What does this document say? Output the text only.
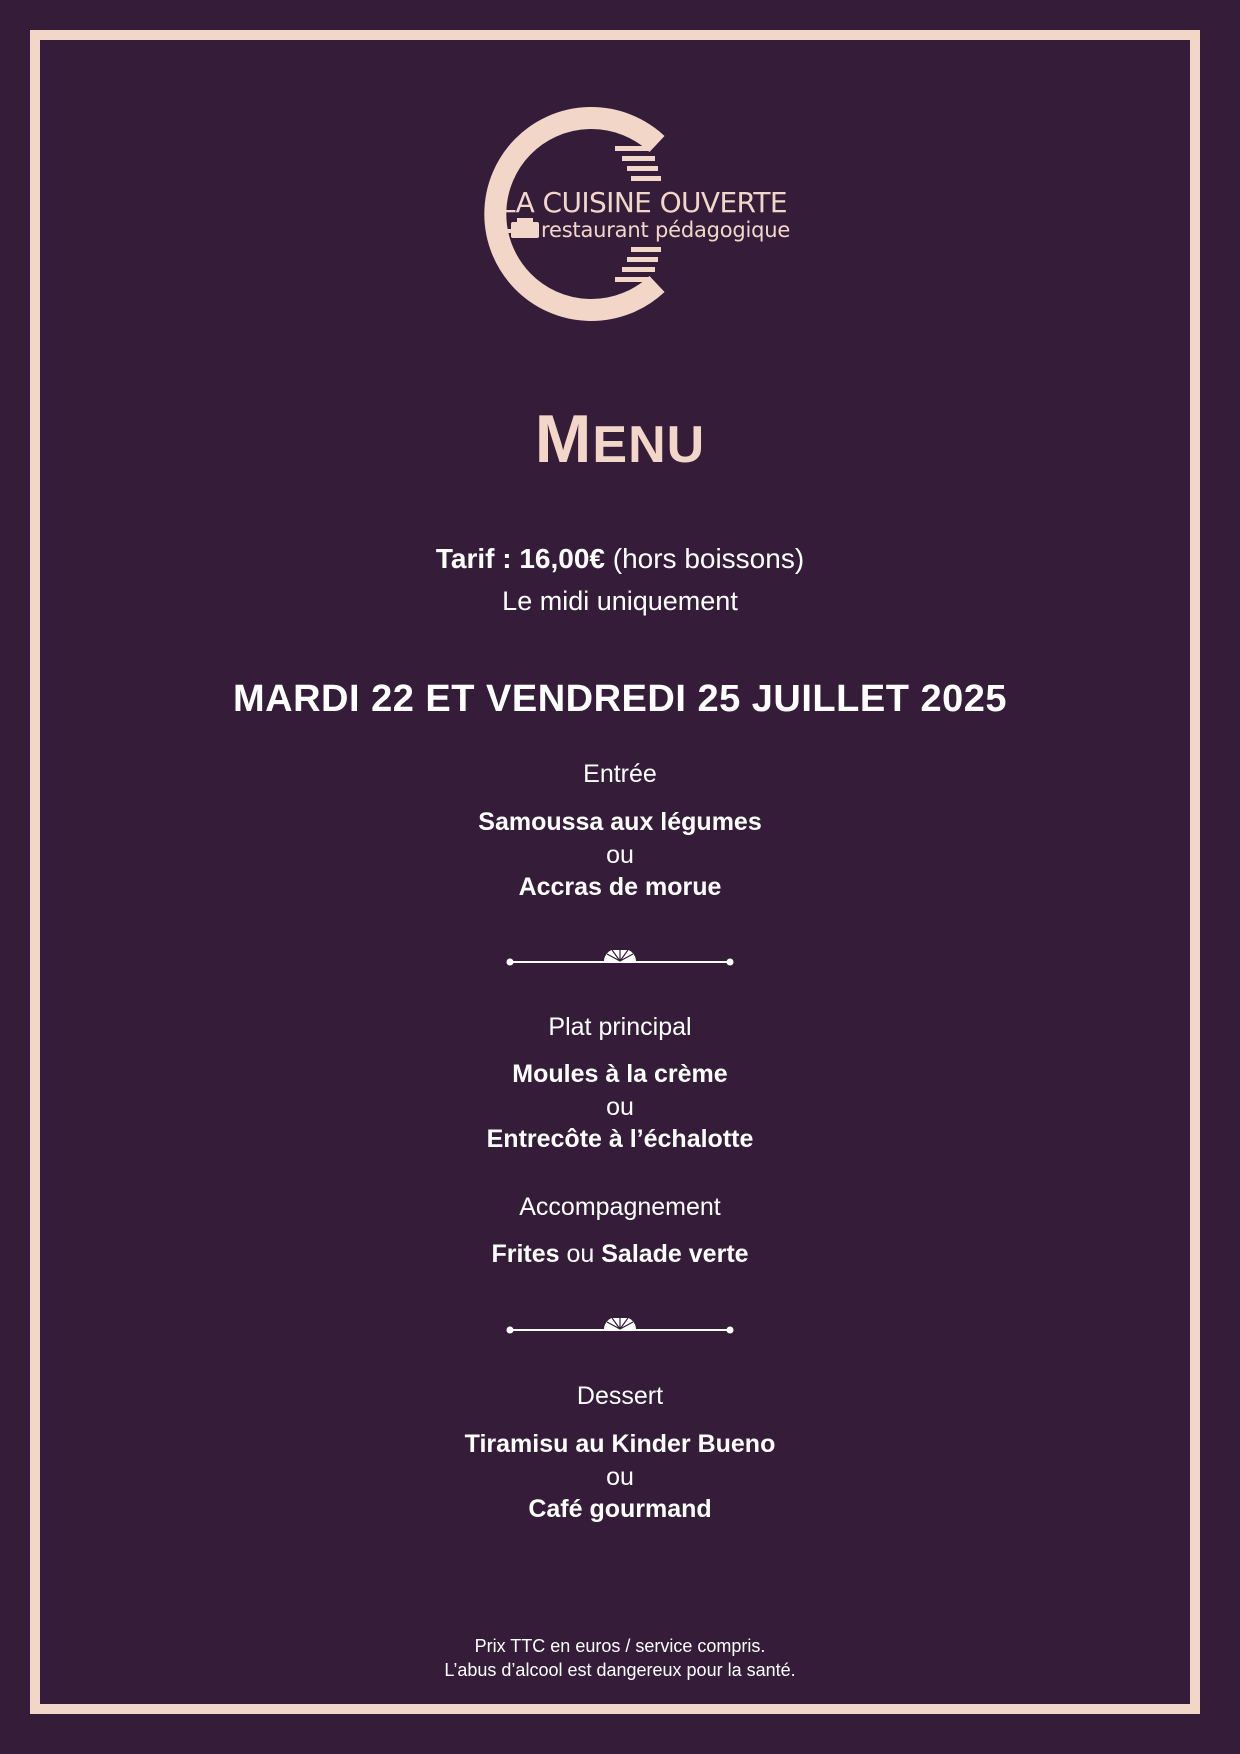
LA CUISINE OUVERTE
restaurant pédagogique
MENU
Tarif : 16,00€ (hors boissons)
Le midi uniquement
MARDI 22 ET VENDREDI 25 JUILLET 2025
Entrée
Samoussa aux légumes
ou
Accras de morue
Plat principal
Moules à la crème
ou
Entrecôte à l’échalotte
Accompagnement
Frites ou Salade verte
Dessert
Tiramisu au Kinder Bueno
ou
Café gourmand
Prix TTC en euros / service compris.
L’abus d’alcool est dangereux pour la santé.
